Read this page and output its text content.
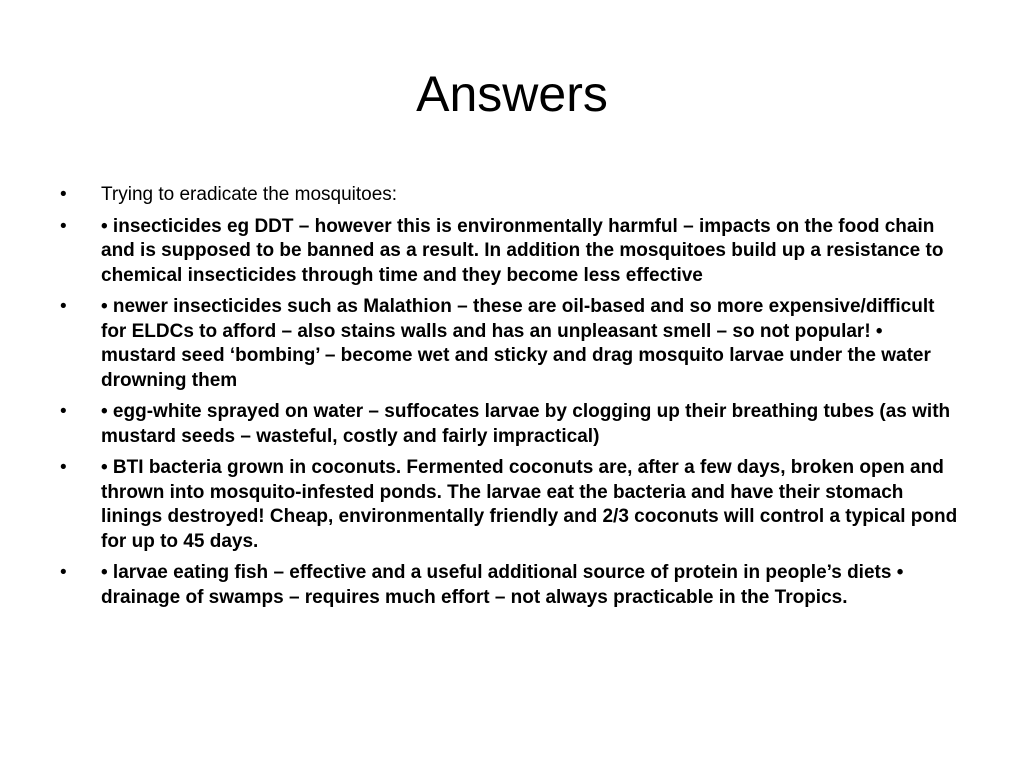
Answers
• Trying to eradicate the mosquitoes:
• • insecticides eg DDT – however this is environmentally harmful – impacts on the food chain and is supposed to be banned as a result. In addition the mosquitoes build up a resistance to chemical insecticides through time and they become less effective
• • newer insecticides such as Malathion – these are oil-based and so more expensive/difficult for ELDCs to afford – also stains walls and has an unpleasant smell – so not popular! • mustard seed ‘bombing’ – become wet and sticky and drag mosquito larvae under the water drowning them
• • egg-white sprayed on water – suffocates larvae by clogging up their breathing tubes (as with mustard seeds – wasteful, costly and fairly impractical)
• • BTI bacteria grown in coconuts. Fermented coconuts are, after a few days, broken open and thrown into mosquito-infested ponds. The larvae eat the bacteria and have their stomach linings destroyed! Cheap, environmentally friendly and 2/3 coconuts will control a typical pond for up to 45 days.
• • larvae eating fish – effective and a useful additional source of protein in people’s diets • drainage of swamps – requires much effort – not always practicable in the Tropics.
